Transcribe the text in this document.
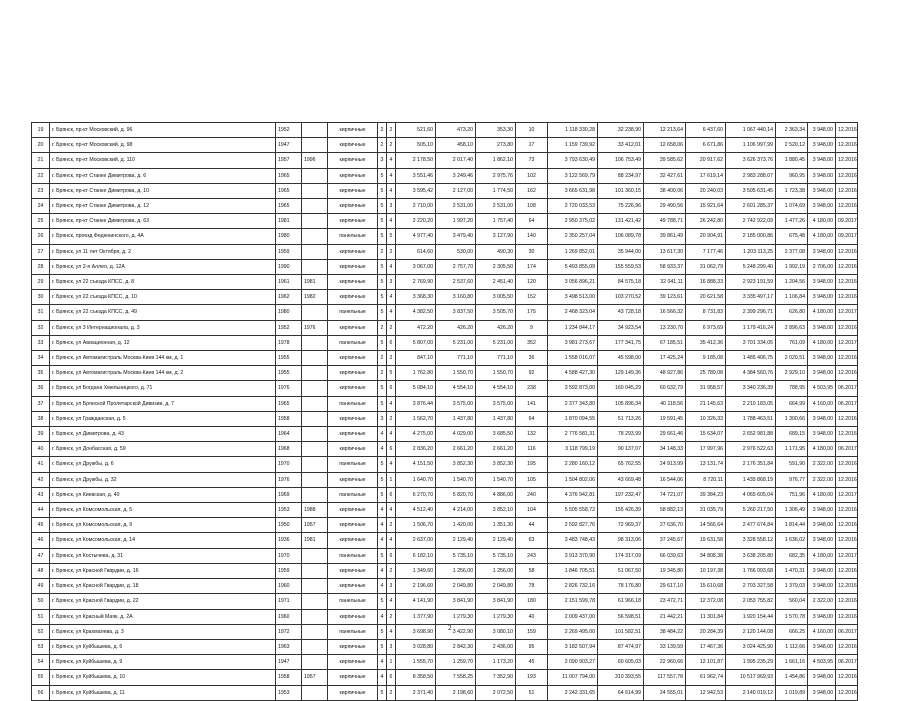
19	г. Брянск, пр-кт Московский, д. 96	1952		кирпичные	2	2	521,60	473,20	353,30	10	1 118 330,28	32 238,90	12 213,64	6 437,60	1 067 440,14	2 363,34	3 948,00	12.2016
20	г. Брянск, пр-кт Московский, д. 98	1947		кирпичные	2	2	505,10	458,10	273,80	17	1 159 739,92	33 412,01	12 658,06	6 671,86	1 106 997,99	2 520,12	3 948,00	12.2016
21	г. Брянск, пр-кт Московский, д. 110	1957	1996	кирпичные	3	4	2 178,50	2 017,40	1 862,10	73	3 793 630,49	106 753,49	39 585,62	20 917,62	3 626 373,76	1 880,45	3 948,00	12.2016
22	г. Брянск, пр-кт Станке Димитрова, д. 6	1965		кирпичные	5	4	3 551,46	3 249,46	2 975,76	102	3 122 569,79	88 234,97	32 427,61	17 619,14	2 983 288,07	960,95	3 948,00	12.2016
23	г. Брянск, пр-кт Станке Димитрова, д. 10	1965		кирпичные	5	4	3 595,42	2 127,00	1 774,50	162	3 665 631,98	101 360,15	38 400,06	20 240,03	3 505 631,45	1 723,38	3 948,00	12.2016
24	г. Брянск, пр-кт Станке Димитрова, д. 12	1965		кирпичные	5	3	2 710,00	2 531,00	2 531,00	108	2 720 033,53	75 226,96	29 490,56	15 921,64	2 601 285,37	1 074,69	3 948,00	12.2016
25	г. Брянск, пр-кт Станке Димитрова, д. 63	1981		кирпичные	5	4	2 220,20	1 997,20	1 757,40	64	2 950 375,02	131 421,42	49 788,71	26 242,80	2 742 922,09	1 477,26	4 180,00	09.2017
26	г. Брянск, проезд Федюнинского, д. 4А	1980		панельные	5	5	4 977,40	3 479,40	3 127,90	140	2 350 257,04	106 089,78	39 861,49	20 904,91	2 185 000,86	675,48	4 180,00	09.2017
27	г. Брянск, ул 11 лет Октября, д. 2	1959		кирпичные	2	2	614,60	530,00	490,30	30	1 269 852,01	35 944,00	13 617,30	7 177,46	1 203 113,25	2 377,08	3 948,00	12.2016
28	г. Брянск, ул 2-я Аллея, д. 12А	1990		кирпичные	5	4	3 067,00	2 757,70	2 305,50	174	5 493 855,09	155 559,53	58 933,37	31 062,79	5 248 299,40	1 992,19	2 706,00	12.2016
29	г. Брянск, ул 22 съезда КПСС, д. 8	1961	1981	кирпичные	5	3	2 769,90	2 537,60	2 451,40	120	3 056 896,21	84 575,18	32 041,11	16 888,33	2 923 191,59	1 204,56	3 948,00	12.2016
30	г. Брянск, ул 22 съезда КПСС, д. 10	1962	1982	кирпичные	5	4	3 368,30	3 160,80	3 005,50	152	3 498 513,00	103 270,52	39 123,61	20 621,58	3 335 497,17	1 106,84	3 948,00	12.2016
31	г. Брянск, ул 22 съезда КПСС, д. 49	1980		панельные	5	4	4 382,50	3 837,50	3 505,70	175	2 468 323,04	43 728,18	16 566,32	8 731,83	2 399 296,71	626,80	4 180,00	12.2017
32	г. Брянск, ул 3 Интернационала, д. 3	1952	1976	кирпичные	2	2	472,20	426,20	426,20	9	1 234 844,17	34 923,54	13 230,70	6 973,69	1 179 416,24	2 896,63	3 948,00	12.2016
33	г. Брянск, ул Авиационная, д. 12	1978		панельные	5	6	5 807,00	5 231,00	5 231,00	352	3 981 273,67	177 341,75	67 185,51	35 412,36	3 701 334,05	761,09	4 180,00	12.2017
34	г. Брянск, ул Автомагистраль Москва-Киев 144 км, д. 1	1955		кирпичные	2	2	847,10	771,10	771,10	36	1 558 016,07	45 598,00	17 425,24	9 185,08	1 485 406,75	2 020,51	3 948,00	12.2016
35	г. Брянск, ул Автомагистраль Москва-Киев 144 км, д. 2	1955		кирпичные	2	5	1 762,80	1 550,70	1 550,70	92	4 588 427,30	129 149,36	48 927,86	25 789,08	4 384 560,76	2 929,10	3 948,00	12.2016
36	г. Брянск, ул Богдана Хмельницкого, д. 71	1976		кирпичные	5	6	5 084,10	4 554,10	4 554,10	238	3 592 873,00	160 045,29	60 632,79	31 958,57	3 340 236,39	788,95	4 503,95	06.2017
37	г. Брянск, ул Брянской Пролетарской Дивизии, д. 7	1965		панельные	5	4	3 876,44	3 575,00	3 575,00	141	2 377 343,80	105 896,34	40 118,56	21 145,63	2 210 183,05	664,99	4 160,00	06.2017
38	г. Брянск, ул Гражданская, д. 5	1958		кирпичные	3	2	1 562,70	1 437,80	1 437,80	64	1 870 094,55	51 713,26	19 591,45	10 326,33	1 788 463,51	1 300,66	3 948,00	12.2016
39	г. Брянск, ул Димитрова, д. 43	1964		кирпичные	4	4	4 275,00	4 029,00	3 685,50	132	2 776 581,31	78 293,99	29 661,46	15 634,07	2 652 981,88	689,15	3 948,00	12.2016
40	г. Брянск, ул Донбасская, д. 59	1968		кирпичные	4	6	2 836,20	2 661,20	2 661,20	116	3 118 799,19	90 137,07	34 148,33	17 997,96	2 976 522,63	1 171,95	4 180,00	06.2017
41	г. Брянск, ул Дружбы, д. 6	1970		панельные	5	4	4 151,50	3 852,30	3 852,30	195	2 280 160,12	65 762,55	24 913,99	13 131,74	2 176 351,84	591,90	2 322,00	12.2016
42	г. Брянск, ул Дружбы, д. 32	1976		кирпичные	5	1	1 640,70	1 540,70	1 540,70	105	1 504 802,06	43 669,48	16 544,06	8 720,11	1 435 868,19	976,77	2 322,00	12.2016
43	г. Брянск, ул Киевская, д. 40	1969		панельные	5	6	6 270,70	5 820,70	4 886,00	240	4 376 942,81	197 232,47	74 721,07	39 384,23	4 065 605,04	751,96	4 180,00	12.2017
44	г. Брянск, ул Комсомольская, д. 5	1953	1988	кирпичные	4	4	4 512,40	4 214,00	3 852,10	104	5 505 558,72	155 426,39	58 882,13	31 035,79	5 260 217,50	1 306,49	3 948,00	12.2016
45	г. Брянск, ул Комсомольская, д. 9	1950	1957	кирпичные	4	2	1 506,70	1 420,00	1 351,30	44	2 592 827,76	72 969,37	27 636,70	14 566,64	2 477 674,84	1 814,44	3 948,00	12.2016
46	г. Брянск, ул Комсомольская, д. 14	1936	1981	кирпичные	4	4	2 637,00	2 129,40	2 129,40	63	3 483 748,43	98 313,06	37 245,67	19 631,58	3 328 558,12	1 636,02	3 948,00	12.2016
47	г. Брянск, ул Костычева, д. 31	1970		панельные	5	6	6 182,10	5 735,10	5 735,10	243	3 913 370,90	174 317,09	66 039,63	34 808,38	3 638 205,80	682,35	4 180,00	12.2017
48	г. Брянск, ул Красной Гвардии, д. 16	1959		кирпичные	4	2	1 349,60	1 256,00	1 256,00	58	1 846 705,51	51 067,50	19 345,80	10 197,38	1 766 093,68	1 470,31	3 948,00	12.2016
49	г. Брянск, ул Красной Гвардии, д. 18	1960		кирпичные	4	3	2 196,60	2 049,80	2 049,80	78	2 826 732,16	78 176,80	29 617,10	15 610,68	2 703 327,58	1 379,03	3 948,00	12.2016
50	г. Брянск, ул Красной Гвардии, д. 22	1971		панельные	5	4	4 141,90	3 841,90	3 841,90	180	2 151 599,78	61 966,18	23 472,71	12 372,08	2 053 755,82	560,04	2 322,00	12.2016
51	г. Брянск, ул Красный Маяк, д. 2А	1960		кирпичные	4	2	1 377,90	1 279,30	1 279,30	40	2 009 437,00	56 598,51	21 442,21	11 301,84	1 920 154,44	1 570,78	3 948,00	12.2016
52	г. Брянск, ул Крахмалева, д. 3	1972		панельные	5	4	3 698,90	3 422,90	3 080,10	159	2 269 495,00	101 582,51	38 484,22	20 284,39	2 120 144,08	666,25	4 160,00	06.2017
53	г. Брянск, ул Куйбышева, д. 6	1963		кирпичные	5	3	3 028,80	2 842,30	2 436,00	95	3 182 507,94	87 474,97	33 139,59	17 467,36	3 024 425,90	1 112,66	3 948,00	12.2016
54	г. Брянск, ул Куйбышева, д. 9	1947		кирпичные	4	1	1 555,70	1 259,70	1 173,20	45	2 090 903,27	60 605,03	22 960,66	12 101,87	1 995 235,29	1 661,16	4 503,95	06.2017
55	г. Брянск, ул Куйбышева, д. 10	1958	1957	кирпичные	4	6	8 358,50	7 558,25	7 352,90	193	11 007 794,00	310 393,55	117 557,78	61 962,74	10 517 969,93	1 454,86	3 948,00	12.2016
56	г. Брянск, ул Куйбышева, д. 11	1953		кирпичные	5	2	2 371,40	2 198,60	2 072,50	51	2 242 331,65	64 614,99	24 555,01	12 942,53	2 140 019,12	1 019,89	3 948,00	12.2016
2
